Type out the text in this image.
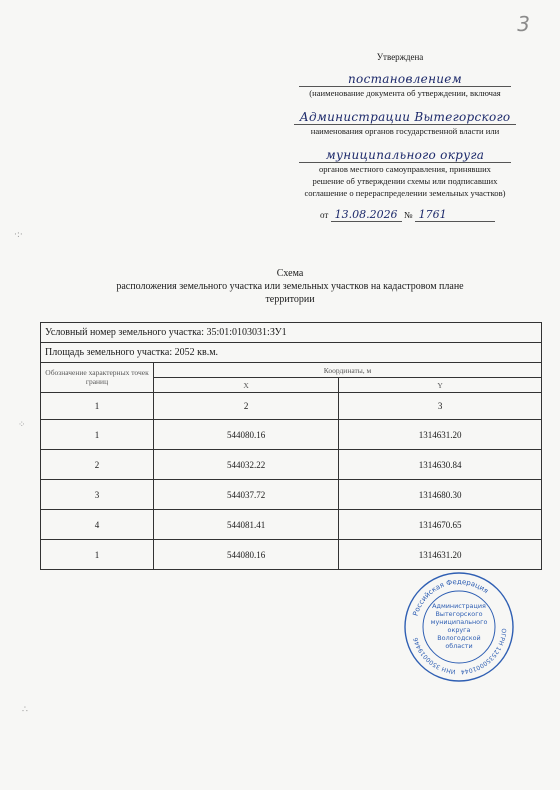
3
Утверждена
постановлением
(наименование документа об утверждении, включая
Администрации Вытегорского
наименования органов государственной власти или
муниципального округа
органов местного самоуправления, принявших
решение об утверждении схемы или подписавших
соглашение о перераспределении земельных участков)
от 13.08.2026 № 1761
Схема
расположения земельного участка или земельных участков на кадастровом плане
территории
Условный номер земельного участка: 35:01:0103031:ЗУ1		
Площадь земельного участка: 2052 кв.м.		
Обозначение характерных точек границ	Координаты, м	
	X	Y
1	2	3
1	544080.16	1314631.20
2	544032.22	1314630.84
3	544037.72	1314680.30
4	544081.41	1314670.65
1	544080.16	1314631.20
Российская Федерация
ИНН 3500019446
ОГРН 125350001044
Администрация
Вытегорского
муниципального
округа
Вологодской
области
·:·
⁘
∴
